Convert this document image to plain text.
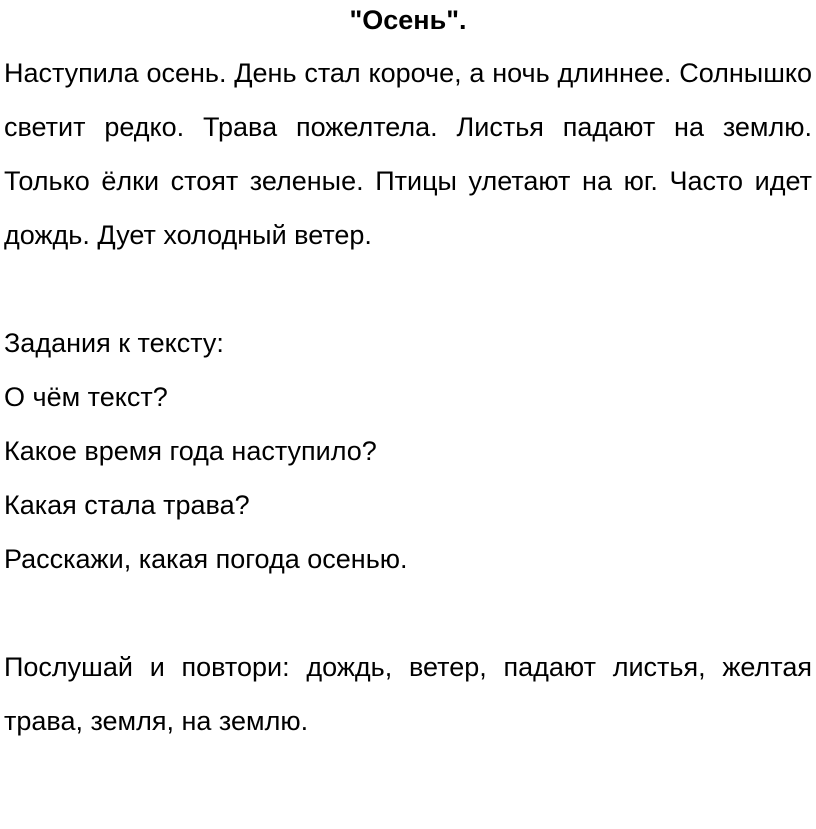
"Осень".

Наступила осень. День стал короче, а ночь длиннее. Солнышко светит редко. Трава пожелтела. Листья падают на землю. Только ёлки стоят зеленые. Птицы улетают на юг. Часто идет дождь. Дует холодный ветер.

Задания к тексту:

О чём текст?

Какое время года наступило?

Какая стала трава?

Расскажи, какая погода осенью.

Послушай и повтори: дождь, ветер, падают листья, желтая трава, земля, на землю.
